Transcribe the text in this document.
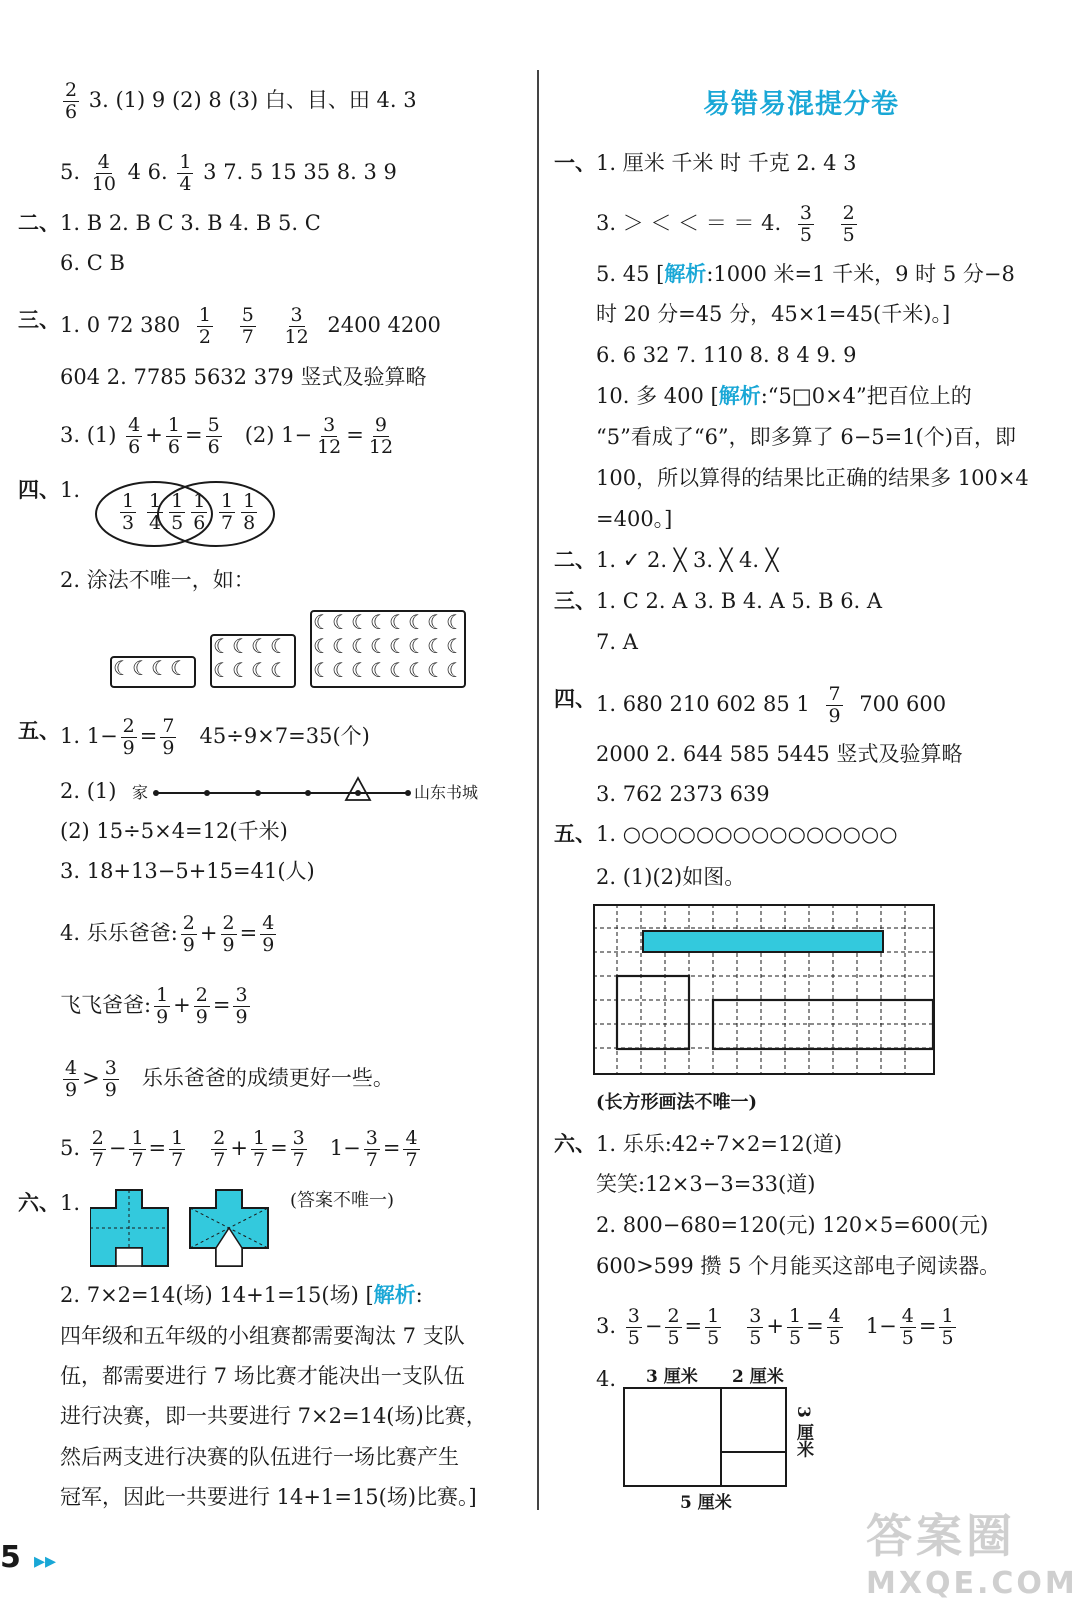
$\frac{2}{6} 3$. (1) 9 (2) 8 (3) 白、目、田 4. 3
5. $\frac{4}{10} 4$ 6. $\frac{1}{4} 3$ 7. 5 15 35 8. 3 9
二、 1. B 2. B C 3. B 4. B 5. C
6. C B
三、 1. 0 72 $380 \frac{1}{2}$
$\frac{5}{7}$
$\frac{3}{12} 2400$ 4200
604 2. 7785 5632 379 竖式及验算略
3. $(1) \frac{4}{6} + \frac{1}{6} = \frac{5}{6} (2)$ $1- \frac{3}{12} = \frac{9}{12}$
四、 1.
$\frac{1}{3} \frac{1}{4} \frac{1}{5} \frac{1}{6} \frac{1}{7} \frac{1}{8}$
2. 涂法不唯一，如：
☾ ☾ ☾ ☾
☾ ☾ ☾ ☾
☾ ☾ ☾ ☾
☾ ☾ ☾ ☾ ☾ ☾ ☾ ☾
☾ ☾ ☾ ☾ ☾ ☾ ☾ ☾
☾ ☾ ☾ ☾ ☾ ☾ ☾ ☾
五、 1. $1- \frac{2}{9} = \frac{7}{9} 45\div 9\times 7=35$(个)
2. (1) 家	山东书城
(2) 15÷5×4=12(千米)
3. 18+13−5+15=41(人)
4. 乐乐爸爸: $\frac{2}{9} + \frac{2}{9} = \frac{4}{9}$
飞飞爸爸: $\frac{1}{9} + \frac{2}{9} = \frac{3}{9}$
$\frac{4}{9} > \frac{3}{9}$ 乐乐爸爸的成绩更好一些。
5. $\frac{2}{7} - \frac{1}{7} = \frac{1}{7}$
$\frac{2}{7} + \frac{1}{7} = \frac{3}{7} 1- \frac{3}{7} = \frac{4}{7}$
六、 1.	(答案不唯一)
2. 7×2=14(场) 14+1=15(场) [解析:
四年级和五年级的小组赛都需要淘汰 7 支队
伍，都需要进行 7 场比赛才能决出一支队伍
进行决赛，即一共要进行 7×2=14(场)比赛，
然后两支进行决赛的队伍进行一场比赛产生
冠军，因此一共要进行 14+1=15(场)比赛。]
易错易混提分卷
一、 1. 厘米 千米 时 千克 2. 4 3
3. ＞ ＜ ＜ ＝ ＝ 4. $\frac{3}{5}$
$\frac{2}{5}$
5. 45 [解析:1000 米=1 千米，9 时 5 分−8
时 20 分=45 分，45×1=45(千米)。]
6. 6 32 7. 110 8. 8 4 9. 9
10. 多 400 [解析:“5□0×4”把百位上的
“5”看成了“6”，即多算了 6−5=1(个)百，即
100，所以算得的结果比正确的结果多 100×4
=400。]
二、 1. ✓ 2. ╳ 3. ╳ 4. ╳
三、 1. C 2. A 3. B 4. A 5. B 6. A
7. A
四、 1. 680 210 602 85 $1 \frac{7}{9} 700$ 600
2000 2. 644 585 5445 竖式及验算略
3. 762 2373 639
五、 1. ○○○○○○○○○○○○○○○
2. (1)(2)如图。
(长方形画法不唯一)
六、 1. 乐乐:42÷7×2=12(道)
笑笑:12×3−3=33(道)
2. 800−680=120(元) 120×5=600(元)
600>599 攒 5 个月能买这部电子阅读器。
3. $\frac{3}{5} - \frac{2}{5} = \frac{1}{5}$
$\frac{3}{5} + \frac{1}{5} = \frac{4}{5} 1- \frac{4}{5} = \frac{1}{5}$
4. 3 厘米 2 厘米
3 厘米
5 厘米
5 ▸▸	答案圈
MXQE.COM
